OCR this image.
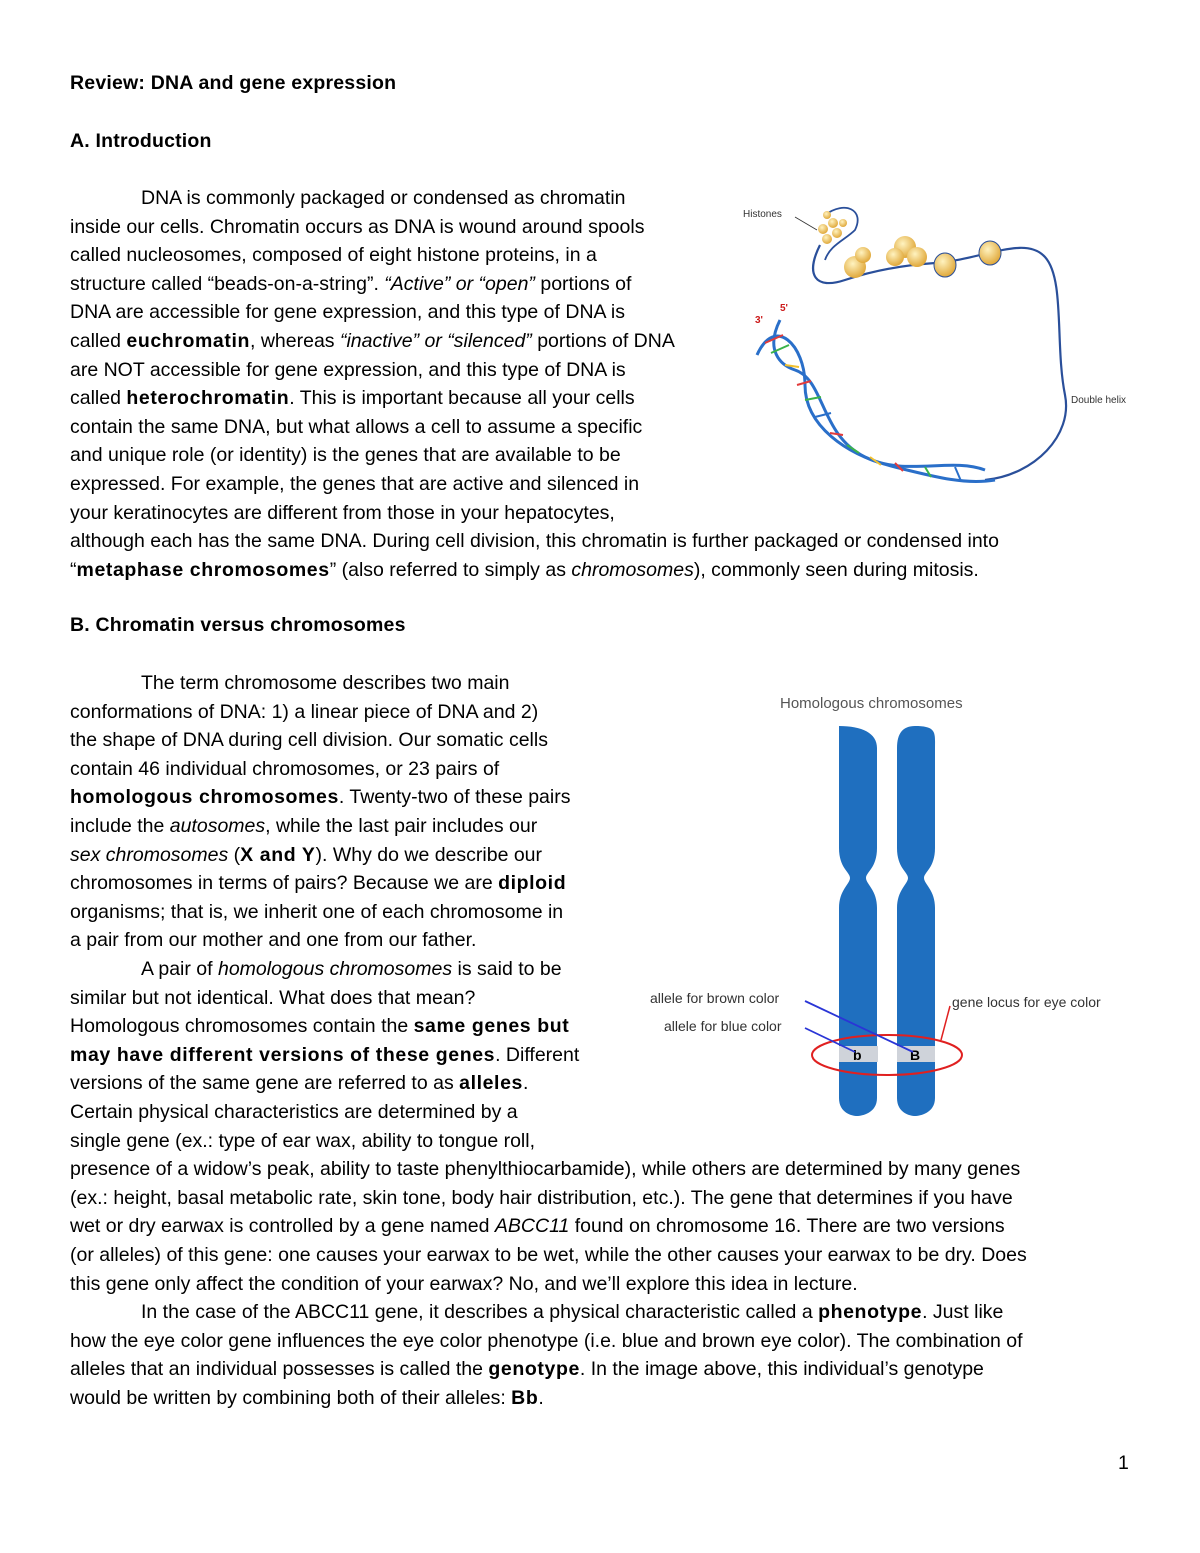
Review: DNA and gene expression
A. Introduction
DNA is commonly packaged or condensed as chromatin
inside our cells. Chromatin occurs as DNA is wound around spools
called nucleosomes, composed of eight histone proteins, in a
structure called “beads-on-a-string”. “Active” or “open” portions of
DNA are accessible for gene expression, and this type of DNA is
called euchromatin, whereas “inactive” or “silenced” portions of DNA
are NOT accessible for gene expression, and this type of DNA is
called heterochromatin. This is important because all your cells
contain the same DNA, but what allows a cell to assume a specific
and unique role (or identity) is the genes that are available to be
expressed. For example, the genes that are active and silenced in
your keratinocytes are different from those in your hepatocytes,
although each has the same DNA. During cell division, this chromatin is further packaged or condensed into
“metaphase chromosomes” (also referred to simply as chromosomes), commonly seen during mitosis.
B. Chromatin versus chromosomes
The term chromosome describes two main
conformations of DNA: 1) a linear piece of DNA and 2)
the shape of DNA during cell division. Our somatic cells
contain 46 individual chromosomes, or 23 pairs of
homologous chromosomes. Twenty-two of these pairs
include the autosomes, while the last pair includes our
sex chromosomes (X and Y). Why do we describe our
chromosomes in terms of pairs? Because we are diploid
organisms; that is, we inherit one of each chromosome in
a pair from our mother and one from our father.
A pair of homologous chromosomes is said to be
similar but not identical. What does that mean?
Homologous chromosomes contain the same genes but
may have different versions of these genes. Different
versions of the same gene are referred to as alleles.
Certain physical characteristics are determined by a
single gene (ex.: type of ear wax, ability to tongue roll,
presence of a widow’s peak, ability to taste phenylthiocarbamide), while others are determined by many genes
(ex.: height, basal metabolic rate, skin tone, body hair distribution, etc.). The gene that determines if you have
wet or dry earwax is controlled by a gene named ABCC11 found on chromosome 16. There are two versions
(or alleles) of this gene: one causes your earwax to be wet, while the other causes your earwax to be dry. Does
this gene only affect the condition of your earwax? No, and we’ll explore this idea in lecture.
In the case of the ABCC11 gene, it describes a physical characteristic called a phenotype. Just like
how the eye color gene influences the eye color phenotype (i.e. blue and brown eye color). The combination of
alleles that an individual possesses is called the genotype. In the image above, this individual’s genotype
would be written by combining both of their alleles: Bb.
Histones
3'
5'
Double helix
Homologous chromosomes
b	B
allele for brown color
allele for blue color
gene locus for eye color
1
